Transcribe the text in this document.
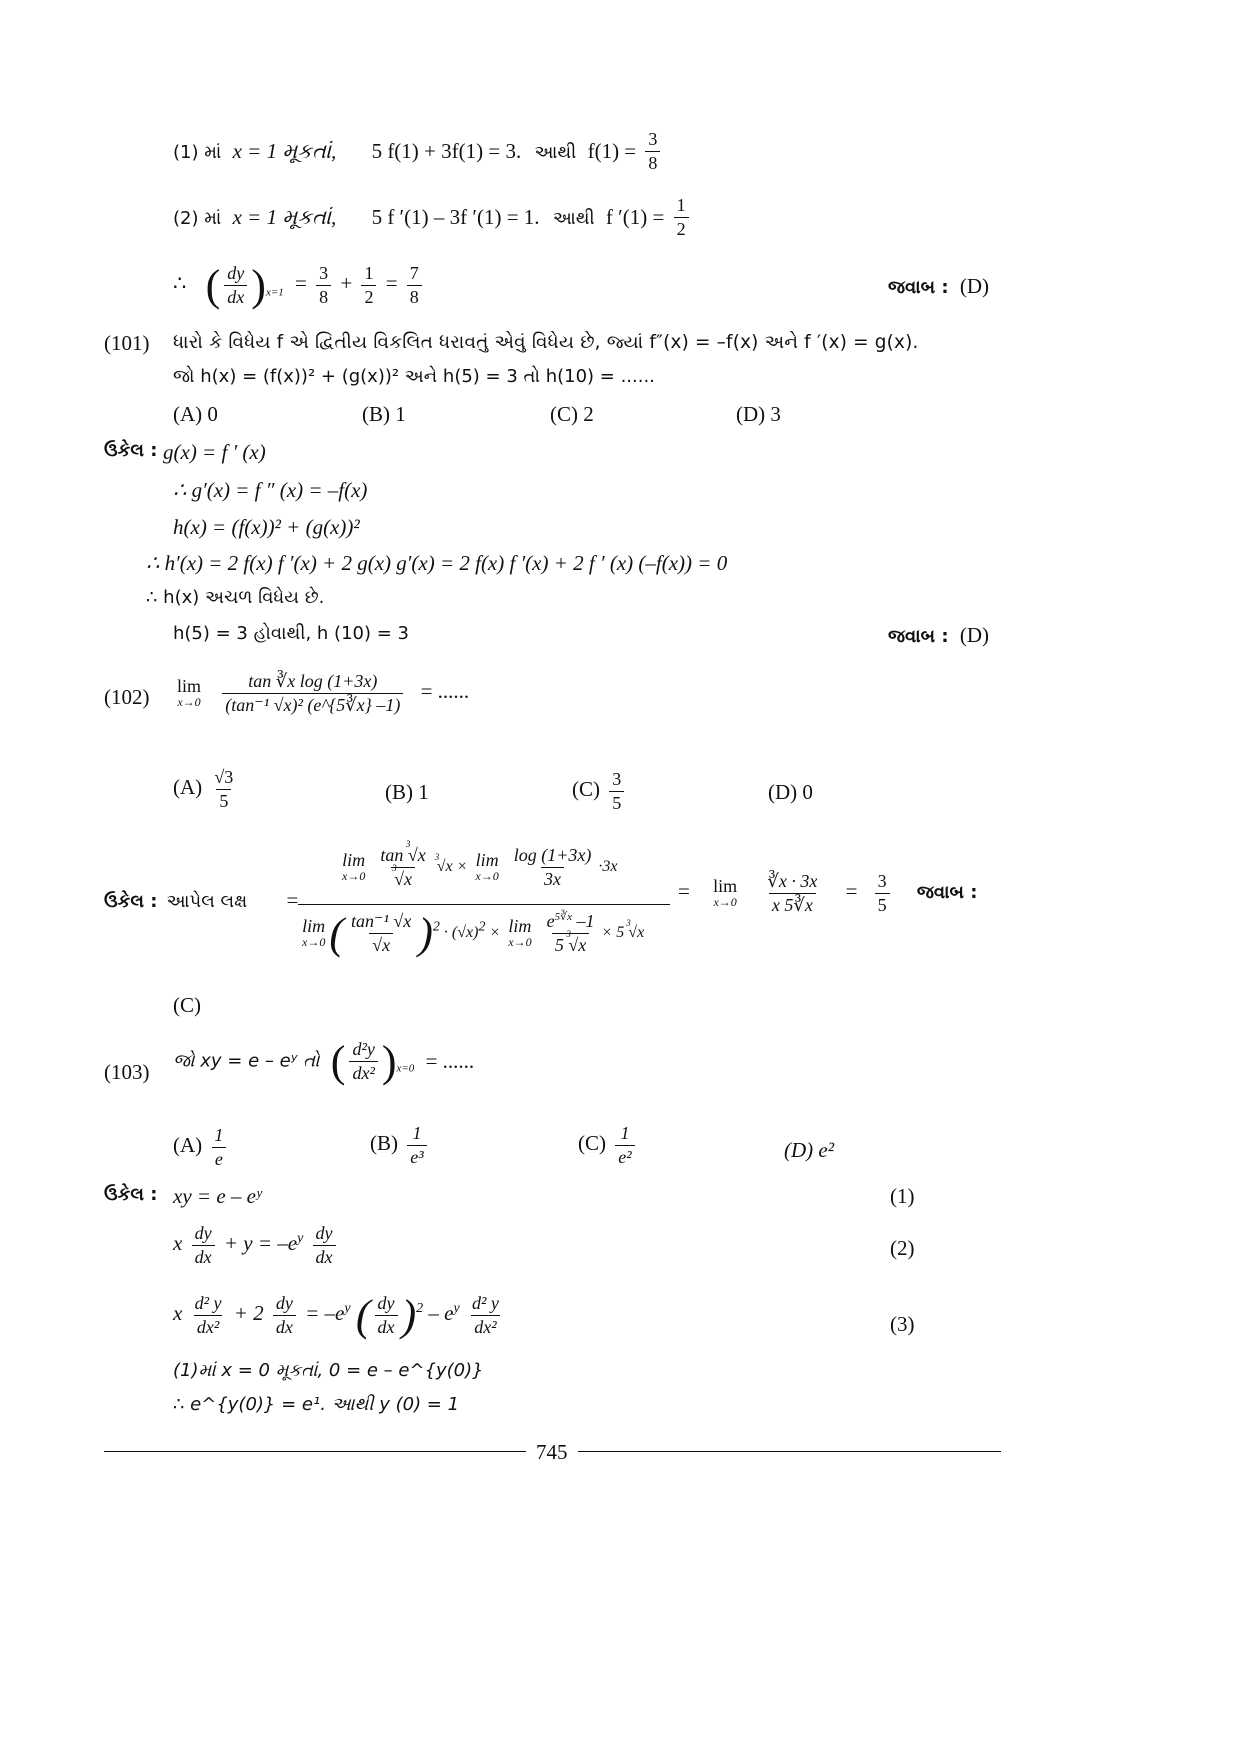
(1) માં x = 1 મૂકતાં, 5 f(1) + 3f(1) = 3. આથી $f(1) = \frac{3}{8}$
(2) માં x = 1 મૂકતાં, 5 f ′(1) – 3f ′(1) = 1. આથી f $'(1) = \frac{1}{2}$
∴ ( $\frac{dy}{dx} )_{x=1} = \frac{3}{8} + \frac{1}{2} = \frac{7}{8}$	જવાબ : (D)
(101) ધારો કે વિધેય f એ દ્વિતીય વિકલિત ધરાવતું એવું વિધેય છે, જ્યાં f″(x) = –f(x) અને f ′(x) = g(x).
જો h(x) = (f(x))² + (g(x))² અને h(5) = 3 તો h(10) = ......
(A) 0	(B) 1	(C) 2	(D) 3
ઉકેલ : g(x) = f ′ (x)
∴ g′(x) = f ″ (x) = –f(x)
h(x) = (f(x))² + (g(x))²
∴ h′(x) = 2 f(x) f ′(x) + 2 g(x) g′(x) = 2 f(x) f ′(x) + 2 f ′ (x) (–f(x)) = 0
∴ h(x) અચળ વિધેય છે.
h(5) = 3 હોવાથી, h (10) = 3	જવાબ : (D)
(102) lim
x→0
$\frac{\text{tan ∛x log (1+3x)}}{\text{(tan⁻¹ √x)² (e\textasciicircum{}\{5∛x\} –1)}}$ = ......
$(A) \frac{√3}{5}$	(B) 1	$(C) \frac{3}{5}$	(D) 0
ઉકેલ : આપેલ લક્ષ =
lim
x→0
tan
3
√x
3
√x
3
√x × lim
x→0
$\frac{\log (1+3x)}{3x} \cdot 3x$
lim
x→0 ( $\frac{\text{tan⁻¹ √x}}{√x} )^2 \cdot (√x)^2 \times \lim$
x→0
$e^{5∛x}$ –1
5
3
√x × 5
3
√x
= lim
x→0
$\frac{∛x \cdot 3x}{x 5∛x} = \frac{3}{5}$ જવાબ :
(C)
(103) જો xy = e – eʸ તો ( $\frac{\text{d²y}}{\text{dx²}} )_{x=0}$ = ......
$(A) \frac{1}{e}$	$(B) \frac{1}{\text{e³}}$	$(C) \frac{1}{\text{e²}}$	(D) e²
ઉકેલ : xy = e – eʸ	(1)
x $\frac{dy}{dx} + y = -e^y \frac{dy}{dx}$	(2)
x $\frac{\text{d² y}}{\text{dx²}} + 2 \frac{dy}{dx} = -e^y$ ( $\frac{dy}{dx} )^2 - e^y \frac{\text{d² y}}{\text{dx²}}$	(3)
(1)માં x = 0 મૂકતાં, 0 = e – e^{y(0)}
∴ e^{y(0)} = e¹. આથી y (0) = 1
745
